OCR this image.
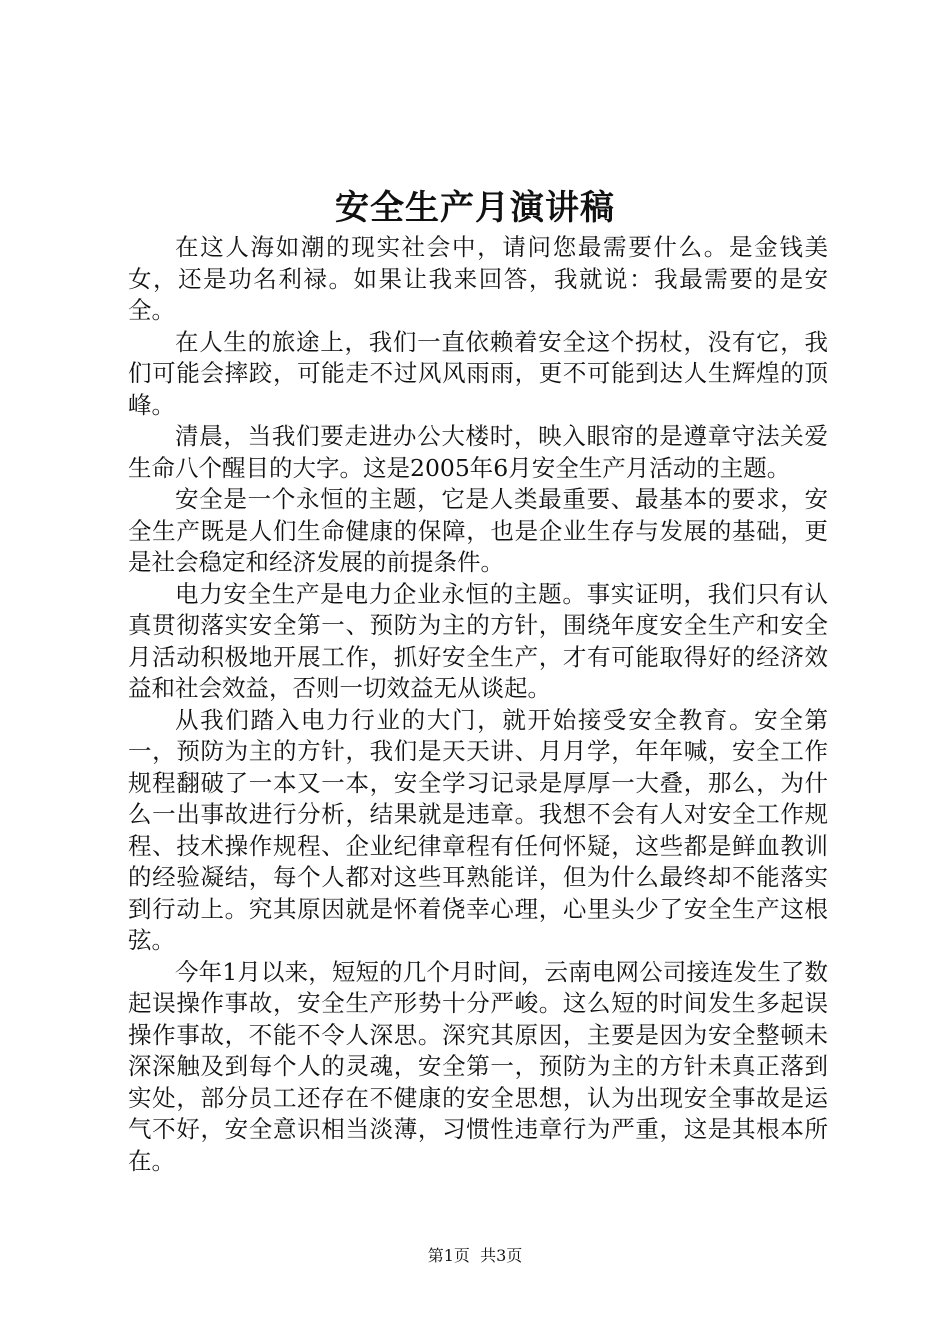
安全生产月演讲稿

在这人海如潮的现实社会中，请问您最需要什么。是金钱美女，还是功名利禄。如果让我来回答，我就说：我最需要的是安全。

在人生的旅途上，我们一直依赖着安全这个拐杖，没有它，我们可能会摔跤，可能走不过风风雨雨，更不可能到达人生辉煌的顶峰。

清晨，当我们要走进办公大楼时，映入眼帘的是遵章守法关爱生命八个醒目的大字。这是2005年6月安全生产月活动的主题。

安全是一个永恒的主题，它是人类最重要、最基本的要求，安全生产既是人们生命健康的保障，也是企业生存与发展的基础，更是社会稳定和经济发展的前提条件。

电力安全生产是电力企业永恒的主题。事实证明，我们只有认真贯彻落实安全第一、预防为主的方针，围绕年度安全生产和安全月活动积极地开展工作，抓好安全生产，才有可能取得好的经济效益和社会效益，否则一切效益无从谈起。

从我们踏入电力行业的大门，就开始接受安全教育。安全第一，预防为主的方针，我们是天天讲、月月学，年年喊，安全工作规程翻破了一本又一本，安全学习记录是厚厚一大叠，那么，为什么一出事故进行分析，结果就是违章。我想不会有人对安全工作规程、技术操作规程、企业纪律章程有任何怀疑，这些都是鲜血教训的经验凝结，每个人都对这些耳熟能详，但为什么最终却不能落实到行动上。究其原因就是怀着侥幸心理，心里头少了安全生产这根弦。

今年1月以来，短短的几个月时间，云南电网公司接连发生了数起误操作事故，安全生产形势十分严峻。这么短的时间发生多起误操作事故，不能不令人深思。深究其原因，主要是因为安全整顿未深深触及到每个人的灵魂，安全第一，预防为主的方针未真正落到实处，部分员工还存在不健康的安全思想，认为出现安全事故是运气不好，安全意识相当淡薄，习惯性违章行为严重，这是其根本所在。

第1页 共3页
